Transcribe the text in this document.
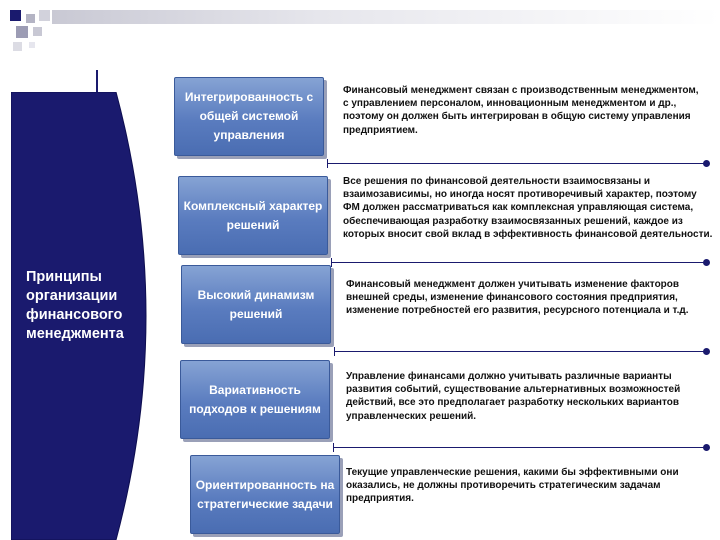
Принципы организации финансового менеджмента
Интегрированность с общей системой управления
Финансовый менеджмент связан с производственным менеджментом, с управлением персоналом, инновационным менеджментом и др., поэтому он должен быть интегрирован в общую систему управления предприятием.
Комплексный характер решений
Все решения по финансовой деятельности взаимосвязаны и взаимозависимы, но иногда носят противоречивый характер, поэтому ФМ должен рассматриваться как комплексная управляющая система, обеспечивающая разработку взаимосвязанных решений, каждое из которых вносит свой вклад в эффективность финансовой деятельности.
Высокий динамизм решений
Финансовый менеджмент должен учитывать изменение факторов внешней среды, изменение финансового состояния предприятия, изменение потребностей его развития, ресурсного потенциала и т.д.
Вариативность подходов к решениям
Управление финансами должно учитывать различные варианты развития событий, существование альтернативных возможностей действий, все это предполагает разработку нескольких вариантов управленческих решений.
Ориентированность на стратегические задачи
Текущие управленческие решения, какими бы эффективными они оказались, не должны противоречить стратегическим задачам предприятия.
